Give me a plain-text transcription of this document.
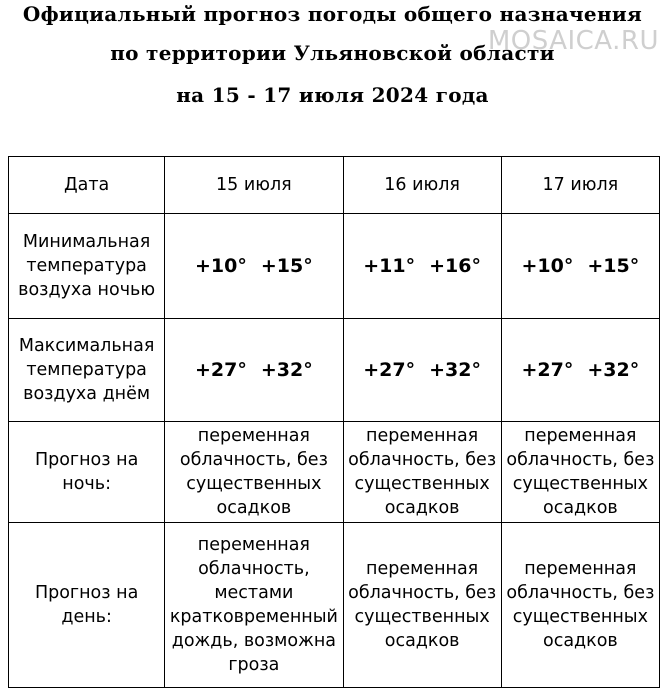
Официальный прогноз погоды общего назначения
по территории Ульяновской области
на 15 - 17 июля 2024 года
MOSAICA.RU
Дата	15 июля	16 июля	17 июля
Минимальная температура воздуха ночью	+10° +15°	+11° +16°	+10° +15°

Максимальная температура воздуха днём	+27° +32°	+27° +32°	+27° +32°

Прогноз на ночь:	переменная облачность, без существенных осадков	переменная облачность, без существенных осадков	переменная облачность, без существенных осадков
Прогноз на день:	переменная облачность, местами кратковременный дождь, возможна гроза	переменная облачность, без существенных осадков	переменная облачность, без существенных осадков
